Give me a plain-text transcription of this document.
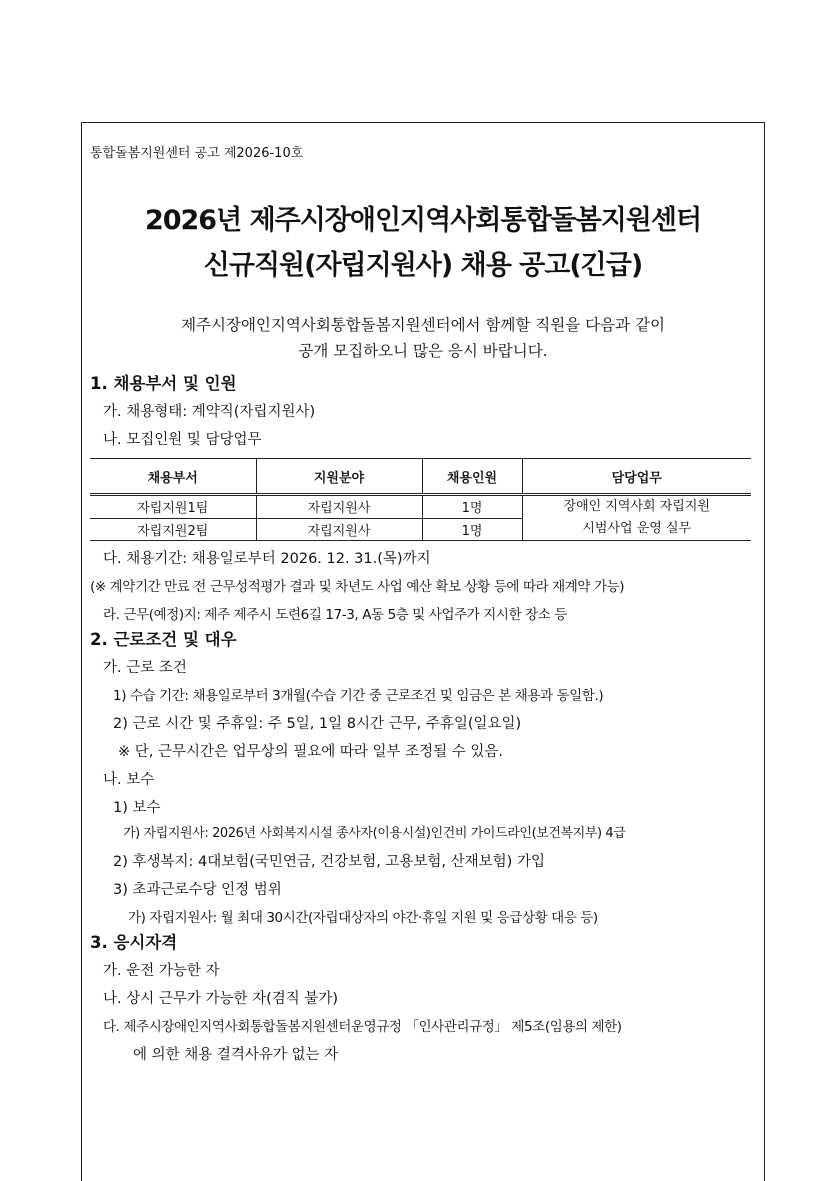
통합돌봄지원센터 공고 제2026-10호
2026년 제주시장애인지역사회통합돌봄지원센터
신규직원(자립지원사) 채용 공고(긴급)
제주시장애인지역사회통합돌봄지원센터에서 함께할 직원을 다음과 같이
공개 모집하오니 많은 응시 바랍니다.
1. 채용부서 및 인원
가. 채용형태: 계약직(자립지원사)
나. 모집인원 및 담당업무
채용부서	지원분야	채용인원	담당업무
자립지원1팀	자립지원사	1명	장애인 지역사회 자립지원
시범사업 운영 실무

자립지원2팀	자립지원사	1명	
다. 채용기간: 채용일로부터 2026. 12. 31.(목)까지
(※ 계약기간 만료 전 근무성적평가 결과 및 차년도 사업 예산 확보 상황 등에 따라 재계약 가능)
라. 근무(예정)지: 제주 제주시 도련6길 17-3, A동 5층 및 사업주가 지시한 장소 등
2. 근로조건 및 대우
가. 근로 조건
1) 수습 기간: 채용일로부터 3개월(수습 기간 중 근로조건 및 임금은 본 채용과 동일함.)
2) 근로 시간 및 주휴일: 주 5일, 1일 8시간 근무, 주휴일(일요일)
※ 단, 근무시간은 업무상의 필요에 따라 일부 조정될 수 있음.
나. 보수
1) 보수
가) 자립지원사: 2026년 사회복지시설 종사자(이용시설)인건비 가이드라인(보건복지부) 4급
2) 후생복지: 4대보험(국민연금, 건강보험, 고용보험, 산재보험) 가입
3) 초과근로수당 인정 범위
가) 자립지원사: 월 최대 30시간(자립대상자의 야간·휴일 지원 및 응급상황 대응 등)
3. 응시자격
가. 운전 가능한 자
나. 상시 근무가 가능한 자(겸직 불가)
다. 제주시장애인지역사회통합돌봄지원센터운영규정 「인사관리규정」 제5조(임용의 제한)
에 의한 채용 결격사유가 없는 자
